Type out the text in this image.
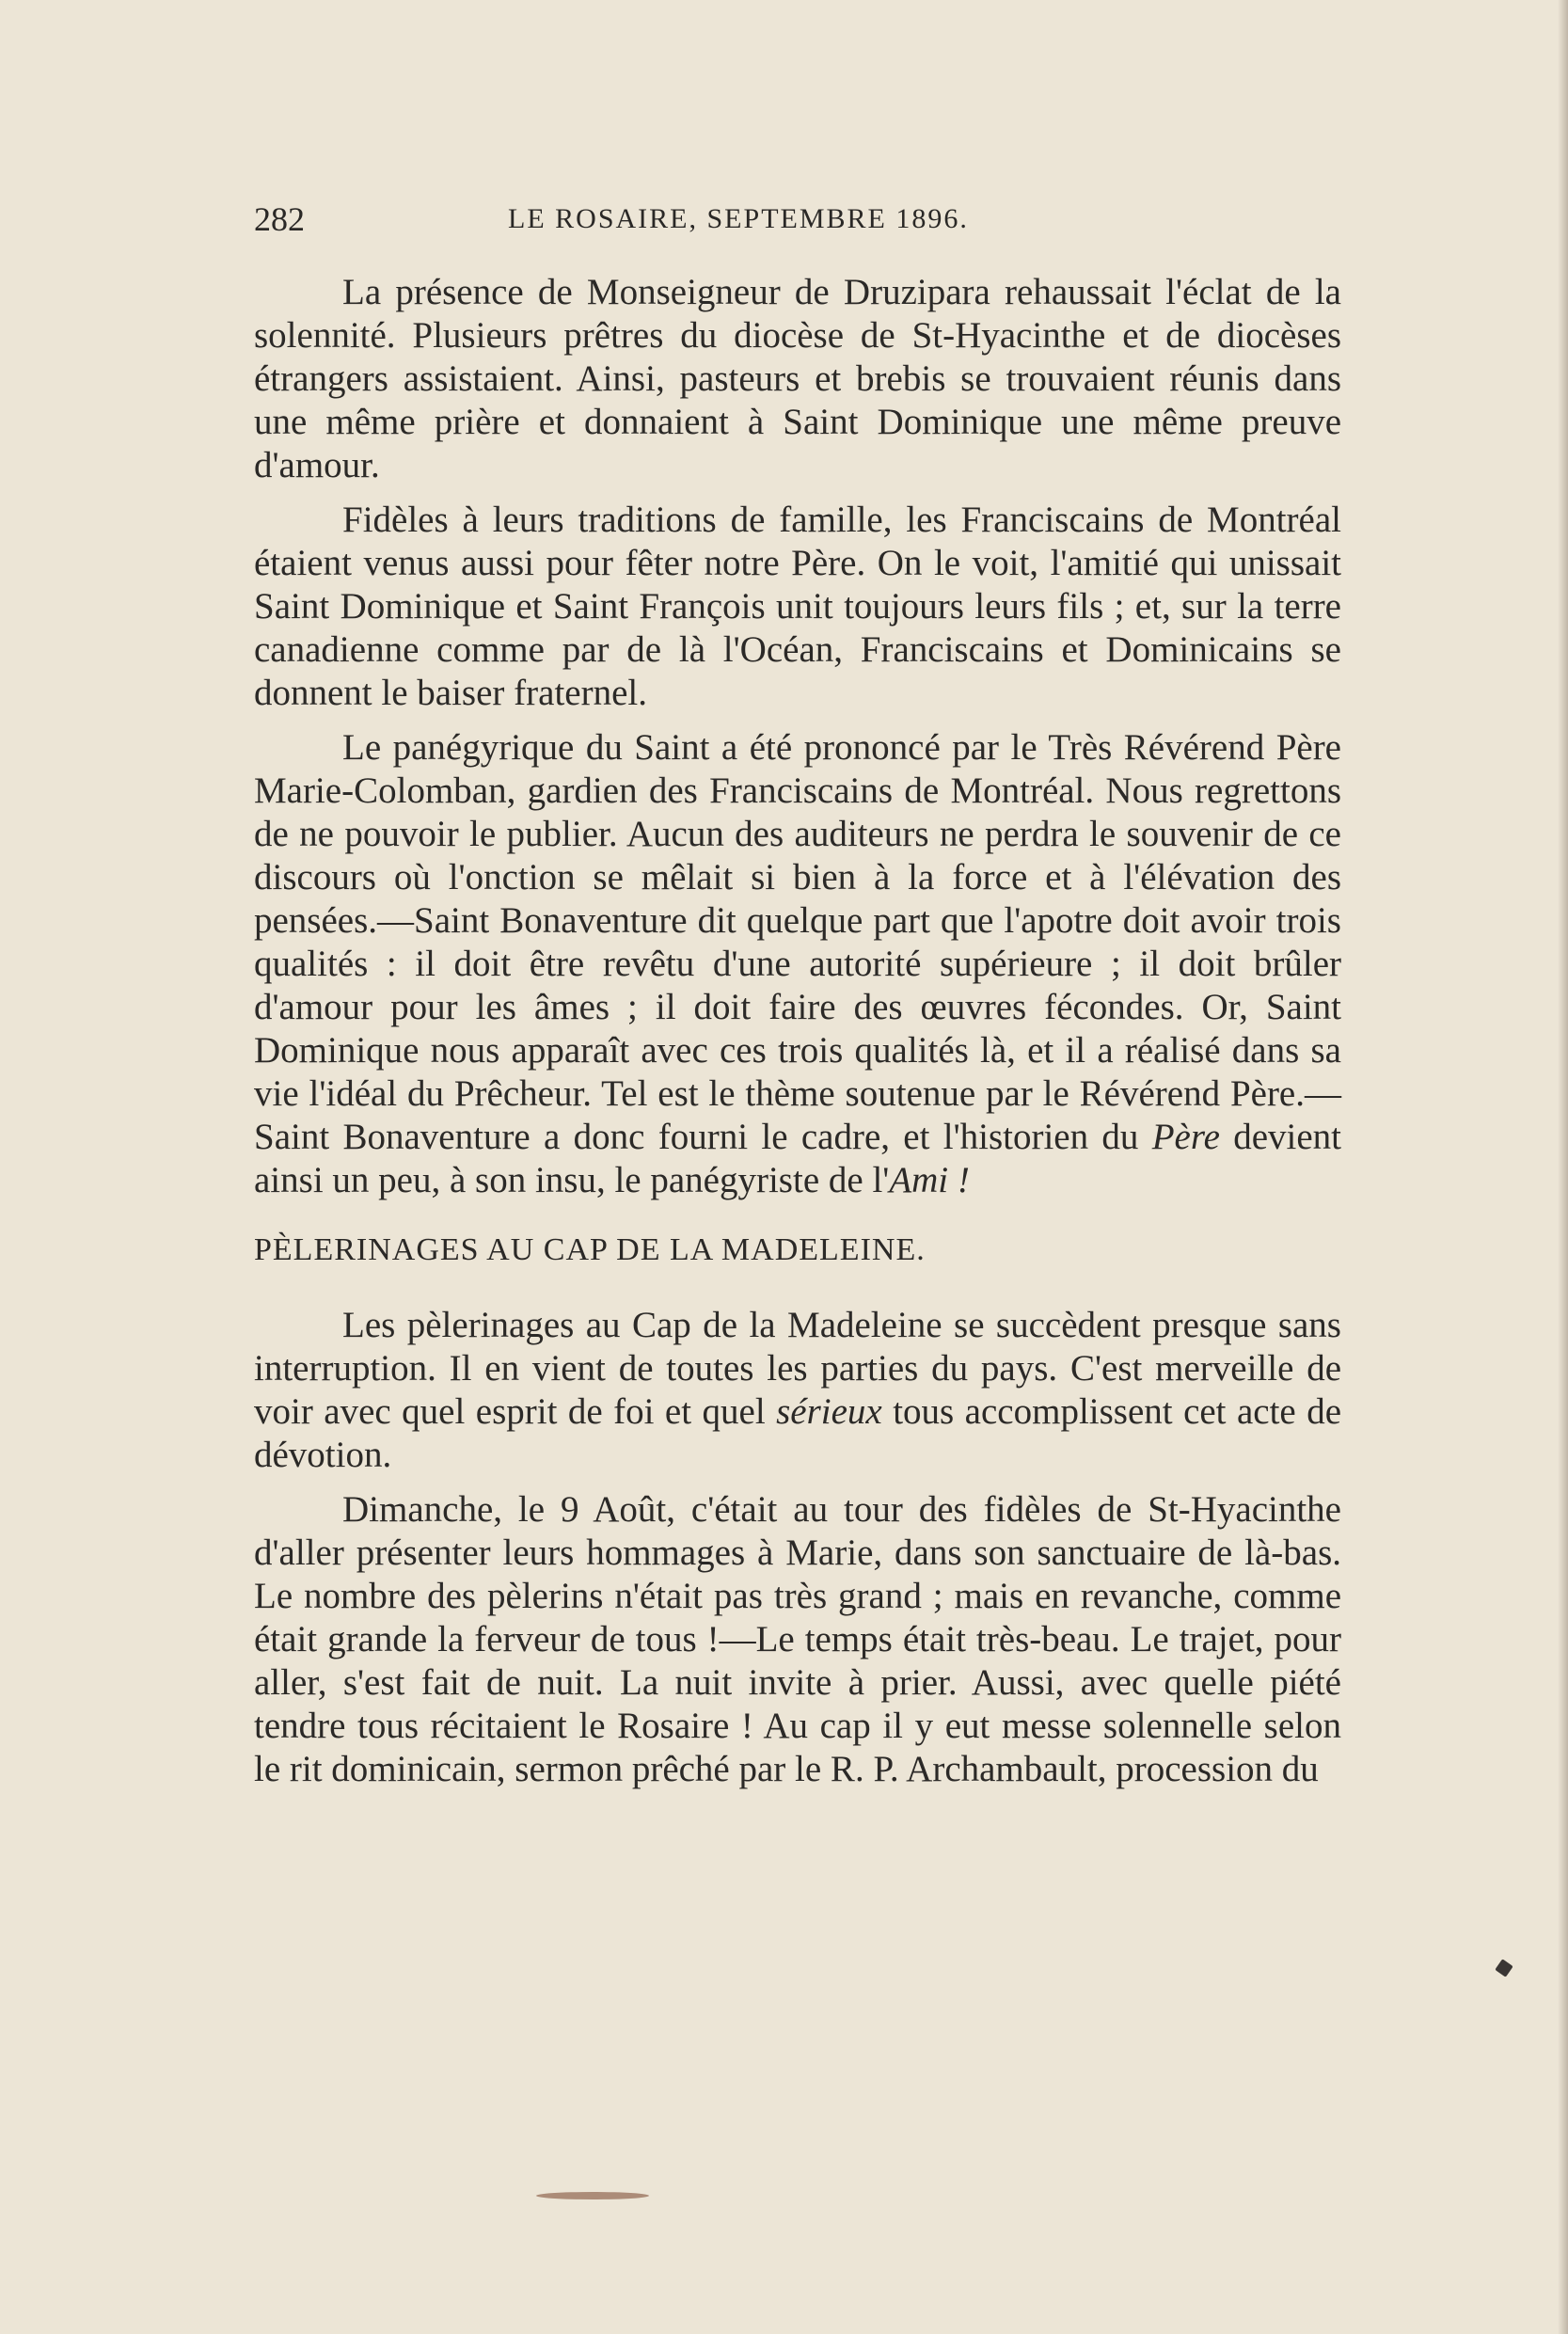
282	LE ROSAIRE, SEPTEMBRE 1896.

La présence de Monseigneur de Druzipara rehaussait l'éclat de la solennité. Plusieurs prêtres du diocèse de St-Hyacinthe et de diocèses étrangers assistaient. Ainsi, pasteurs et brebis se trouvaient réunis dans une même prière et donnaient à Saint Dominique une même preuve d'amour.

Fidèles à leurs traditions de famille, les Franciscains de Montréal étaient venus aussi pour fêter notre Père. On le voit, l'amitié qui unissait Saint Dominique et Saint François unit toujours leurs fils ; et, sur la terre canadienne comme par de là l'Océan, Franciscains et Dominicains se donnent le baiser fraternel.

Le panégyrique du Saint a été prononcé par le Très Révérend Père Marie-Colomban, gardien des Franciscains de Montréal. Nous regrettons de ne pouvoir le publier. Aucun des auditeurs ne perdra le souvenir de ce discours où l'onction se mêlait si bien à la force et à l'élévation des pensées.—Saint Bonaventure dit quelque part que l'apotre doit avoir trois qualités : il doit être revêtu d'une autorité supérieure ; il doit brûler d'amour pour les âmes ; il doit faire des œuvres fécondes. Or, Saint Dominique nous apparaît avec ces trois qualités là, et il a réalisé dans sa vie l'idéal du Prêcheur. Tel est le thème soutenue par le Révérend Père.—Saint Bonaventure a donc fourni le cadre, et l'historien du Père devient ainsi un peu, à son insu, le panégyriste de l'Ami !

PÈLERINAGES AU CAP DE LA MADELEINE.

Les pèlerinages au Cap de la Madeleine se succèdent presque sans interruption. Il en vient de toutes les parties du pays. C'est merveille de voir avec quel esprit de foi et quel sérieux tous accomplissent cet acte de dévotion.

Dimanche, le 9 Août, c'était au tour des fidèles de St-Hyacinthe d'aller présenter leurs hommages à Marie, dans son sanctuaire de là-bas. Le nombre des pèlerins n'était pas très grand ; mais en revanche, comme était grande la ferveur de tous !—Le temps était très-beau. Le trajet, pour aller, s'est fait de nuit. La nuit invite à prier. Aussi, avec quelle piété tendre tous récitaient le Rosaire ! Au cap il y eut messe solennelle selon le rit dominicain, sermon prêché par le R. P. Archambault, procession du
